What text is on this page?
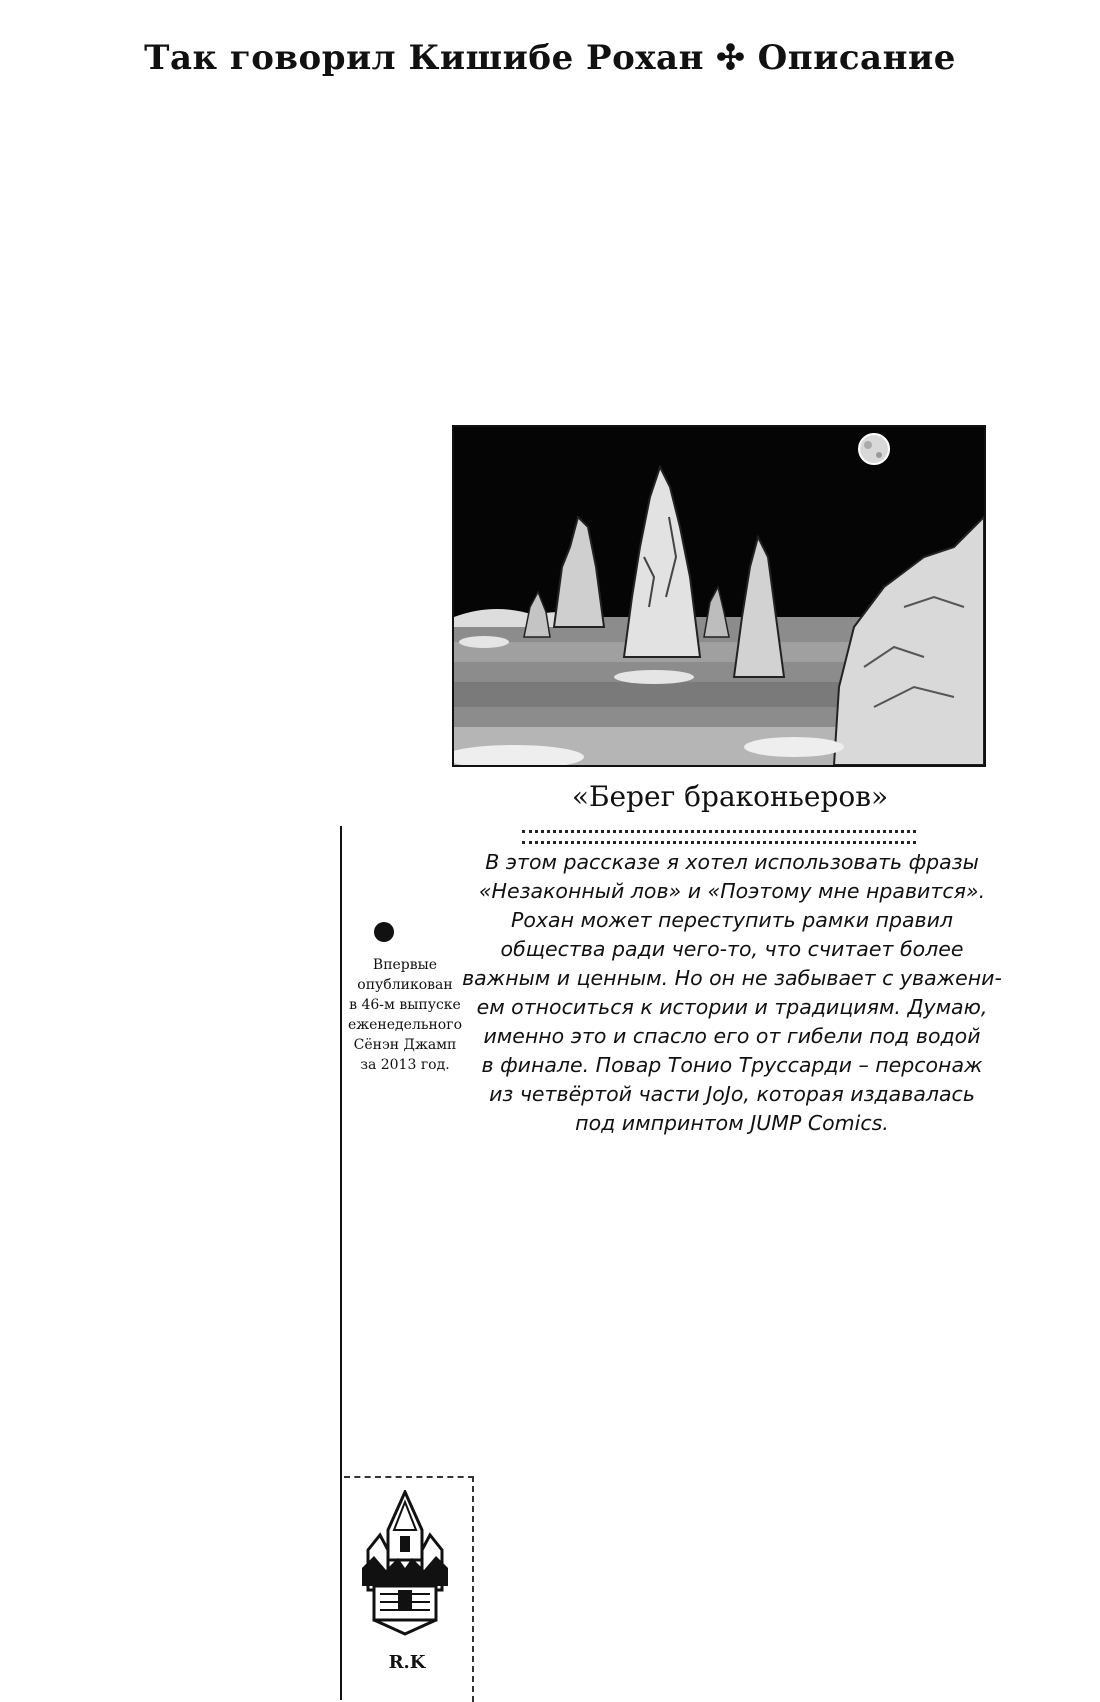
Так говорил Кишибе Рохан ✣ Описание
«Берег браконьеров»
В этом рассказе я хотел использовать фразы
«Незаконный лов» и «Поэтому мне нравится».
Рохан может переступить рамки правил
общества ради чего-то, что считает более
важным и ценным. Но он не забывает с уважени-
ем относиться к истории и традициям. Думаю,
именно это и спасло его от гибели под водой
в финале. Повар Тонио Труссарди – персонаж
из четвёртой части JoJo, которая издавалась
под импринтом JUMP Comics.
Впервые
опубликован
в 46-м выпуске
еженедельного
Сёнэн Джамп
за 2013 год.
R.K
